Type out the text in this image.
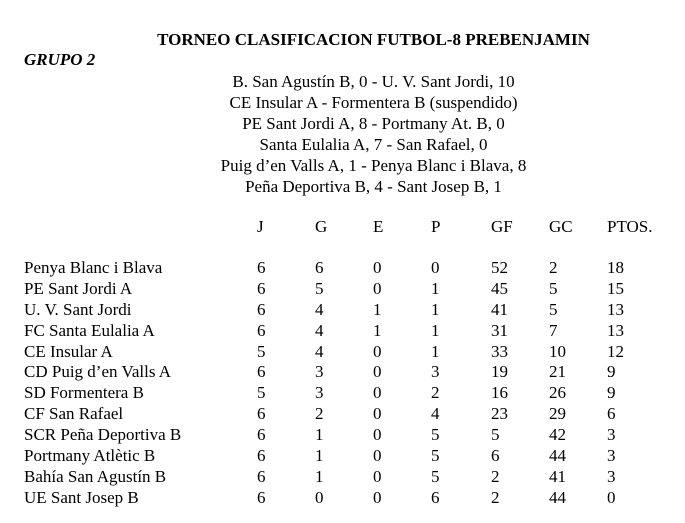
TORNEO CLASIFICACION FUTBOL-8 PREBENJAMIN
GRUPO 2
B. San Agustín B, 0 - U. V. Sant Jordi, 10
CE Insular A - Formentera B (suspendido)
PE Sant Jordi A, 8 - Portmany At. B, 0
Santa Eulalia A, 7 - San Rafael, 0
Puig d’en Valls A, 1 - Penya Blanc i Blava, 8
Peña Deportiva B, 4 - Sant Josep B, 1
J	G	E	P	GF GC PTOS.
Penya Blanc i Blava	6	6	0	0	52 2	18
PE Sant Jordi A	6	5	0	1	45 5	15
U. V. Sant Jordi	6	4	1	1	41 5	13
FC Santa Eulalia A	6	4	1	1	31 7	13
CE Insular A	5	4	0	1	33 10 12
CD Puig d’en Valls A	6	3	0	3	19 21 9
SD Formentera B	5	3	0	2	16 26 9
CF San Rafael	6	2	0	4	23 29 6
SCR Peña Deportiva B	6	1	0	5	5	42 3
Portmany Atlètic B	6	1	0	5	6	44 3
Bahía San Agustín B	6	1	0	5	2	41 3
UE Sant Josep B	6	0	0	6	2	44 0
